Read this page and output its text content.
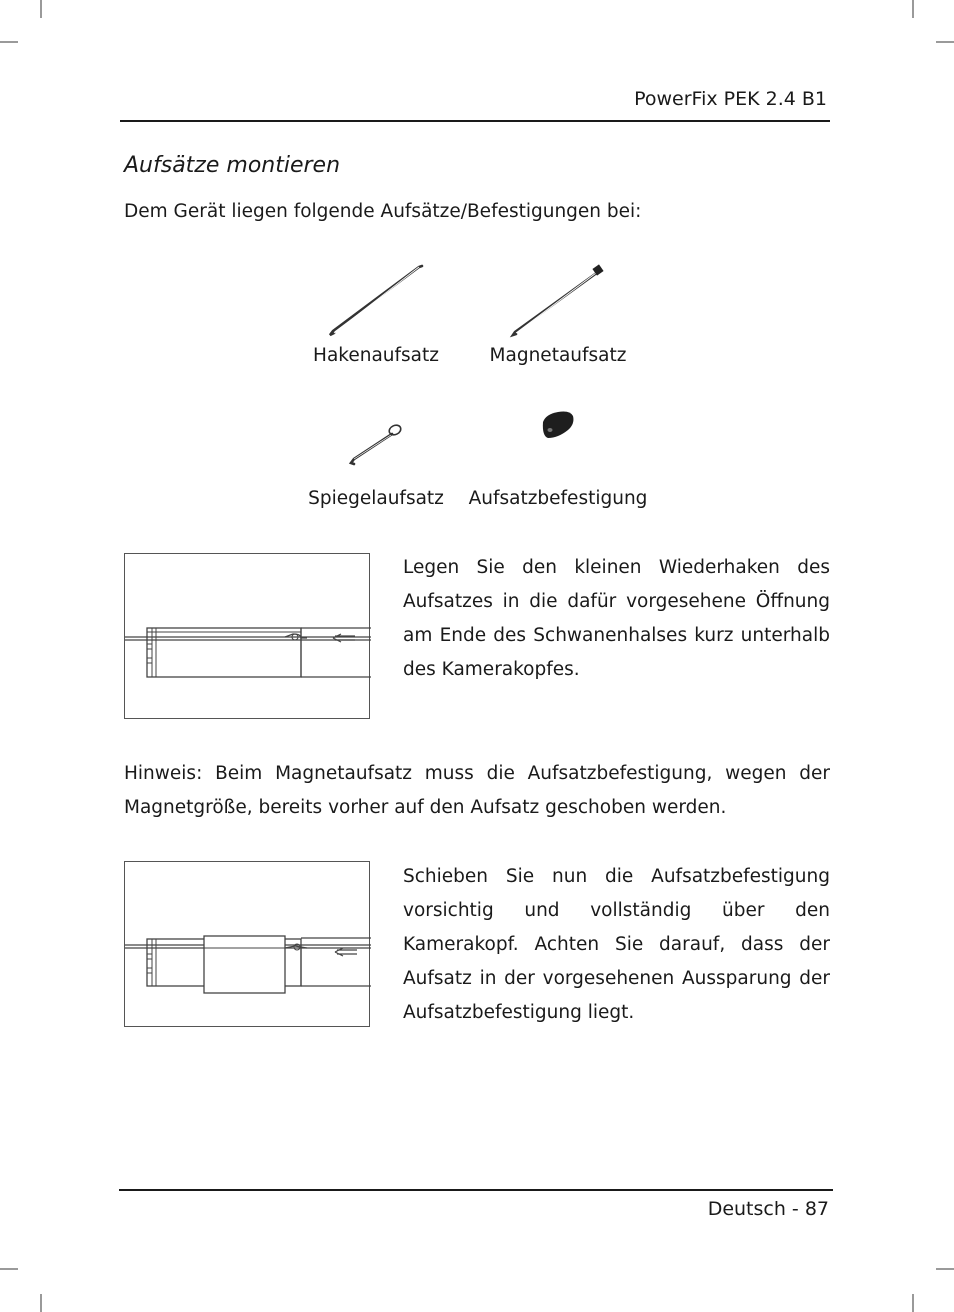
PowerFix PEK 2.4 B1
Aufsätze montieren
Dem Gerät liegen folgende Aufsätze/Befestigungen bei:
Hakenaufsatz	Magnetaufsatz
Spiegelaufsatz Aufsatzbefestigung
Legen Sie den kleinen Wiederhaken des Aufsatzes in die dafür vorgesehene Öffnung am Ende des Schwanenhalses kurz unterhalb des Kamerakopfes.
Hinweis: Beim Magnetaufsatz muss die Aufsatzbefestigung, wegen der Magnetgröße, bereits vorher auf den Aufsatz geschoben werden.
Schieben Sie nun die Aufsatzbefestigung vorsichtig und vollständig über den Kamerakopf. Achten Sie darauf, dass der Aufsatz in der vorgesehenen Aussparung der Aufsatzbefestigung liegt.
Deutsch - 87
